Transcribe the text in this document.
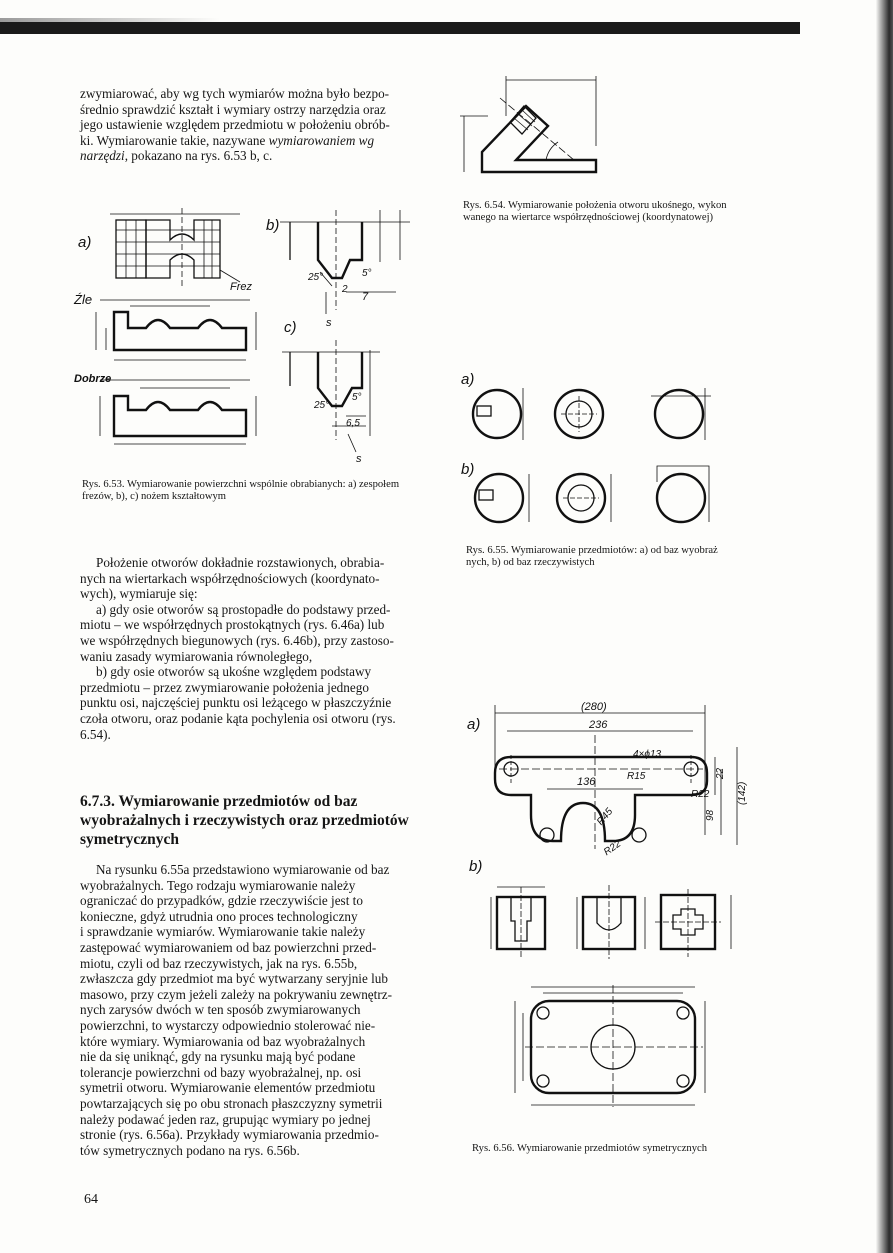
zwymiarować, aby wg tych wymiarów można było bezpo-

średnio sprawdzić kształt i wymiary ostrzy narzędzia oraz

jego ustawienie względem przedmiotu w położeniu obrób-

ki. Wymiarowanie takie, nazywane wymiarowaniem wg

narzędzi, pokazano na rys. 6.53 b, c.

a)
Frez
Źle
Dobrze
b)
25°	5°
2
7
c)	s
25°
5°
6,5
s
Rys. 6.53. Wymiarowanie powierzchni wspólnie obrabianych: a) zespołem frezów, b), c) nożem kształtowym

Położenie otworów dokładnie rozstawionych, obrabia-

nych na wiertarkach współrzędnościowych (koordynato-

wych), wymiaruje się:

a) gdy osie otworów są prostopadłe do podstawy przed-

miotu – we współrzędnych prostokątnych (rys. 6.46a) lub

we współrzędnych biegunowych (rys. 6.46b), przy zastoso-

waniu zasady wymiarowania równoległego,

b) gdy osie otworów są ukośne względem podstawy

przedmiotu – przez zwymiarowanie położenia jednego

punktu osi, najczęściej punktu osi leżącego w płaszczyźnie

czoła otworu, oraz podanie kąta pochylenia osi otworu (rys.

6.54).

6.7.3. Wymiarowanie przedmiotów od baz
wyobrażalnych i rzeczywistych oraz przedmiotów
symetrycznych

Na rysunku 6.55a przedstawiono wymiarowanie od baz

wyobrażalnych. Tego rodzaju wymiarowanie należy

ograniczać do przypadków, gdzie rzeczywiście jest to

konieczne, gdyż utrudnia ono proces technologiczny

i sprawdzanie wymiarów. Wymiarowanie takie należy

zastępować wymiarowaniem od baz powierzchni przed-

miotu, czyli od baz rzeczywistych, jak na rys. 6.55b,

zwłaszcza gdy przedmiot ma być wytwarzany seryjnie lub

masowo, przy czym jeżeli zależy na pokrywaniu zewnętrz-

nych zarysów dwóch w ten sposób zwymiarowanych

powierzchni, to wystarczy odpowiednio stolerować nie-

które wymiary. Wymiarowania od baz wyobrażalnych

nie da się uniknąć, gdy na rysunku mają być podane

tolerancje powierzchni od bazy wyobrażalnej, np. osi

symetrii otworu. Wymiarowanie elementów przedmiotu

powtarzających się po obu stronach płaszczyzny symetrii

należy podawać jeden raz, grupując wymiary po jednej

stronie (rys. 6.56a). Przykłady wymiarowania przedmio-

tów symetrycznych podano na rys. 6.56b.

64
Rys. 6.54. Wymiarowanie położenia otworu ukośnego, wykon
wanego na wiertarce współrzędnościowej (koordynatowej)
a)
b)
Rys. 6.55. Wymiarowanie przedmiotów: a) od baz wyobraż
nych, b) od baz rzeczywistych
a)
(280)
236
4×ϕ13
R15
R22
136
R45
R22
22
98
(142)
b)
Rys. 6.56. Wymiarowanie przedmiotów symetrycznych
